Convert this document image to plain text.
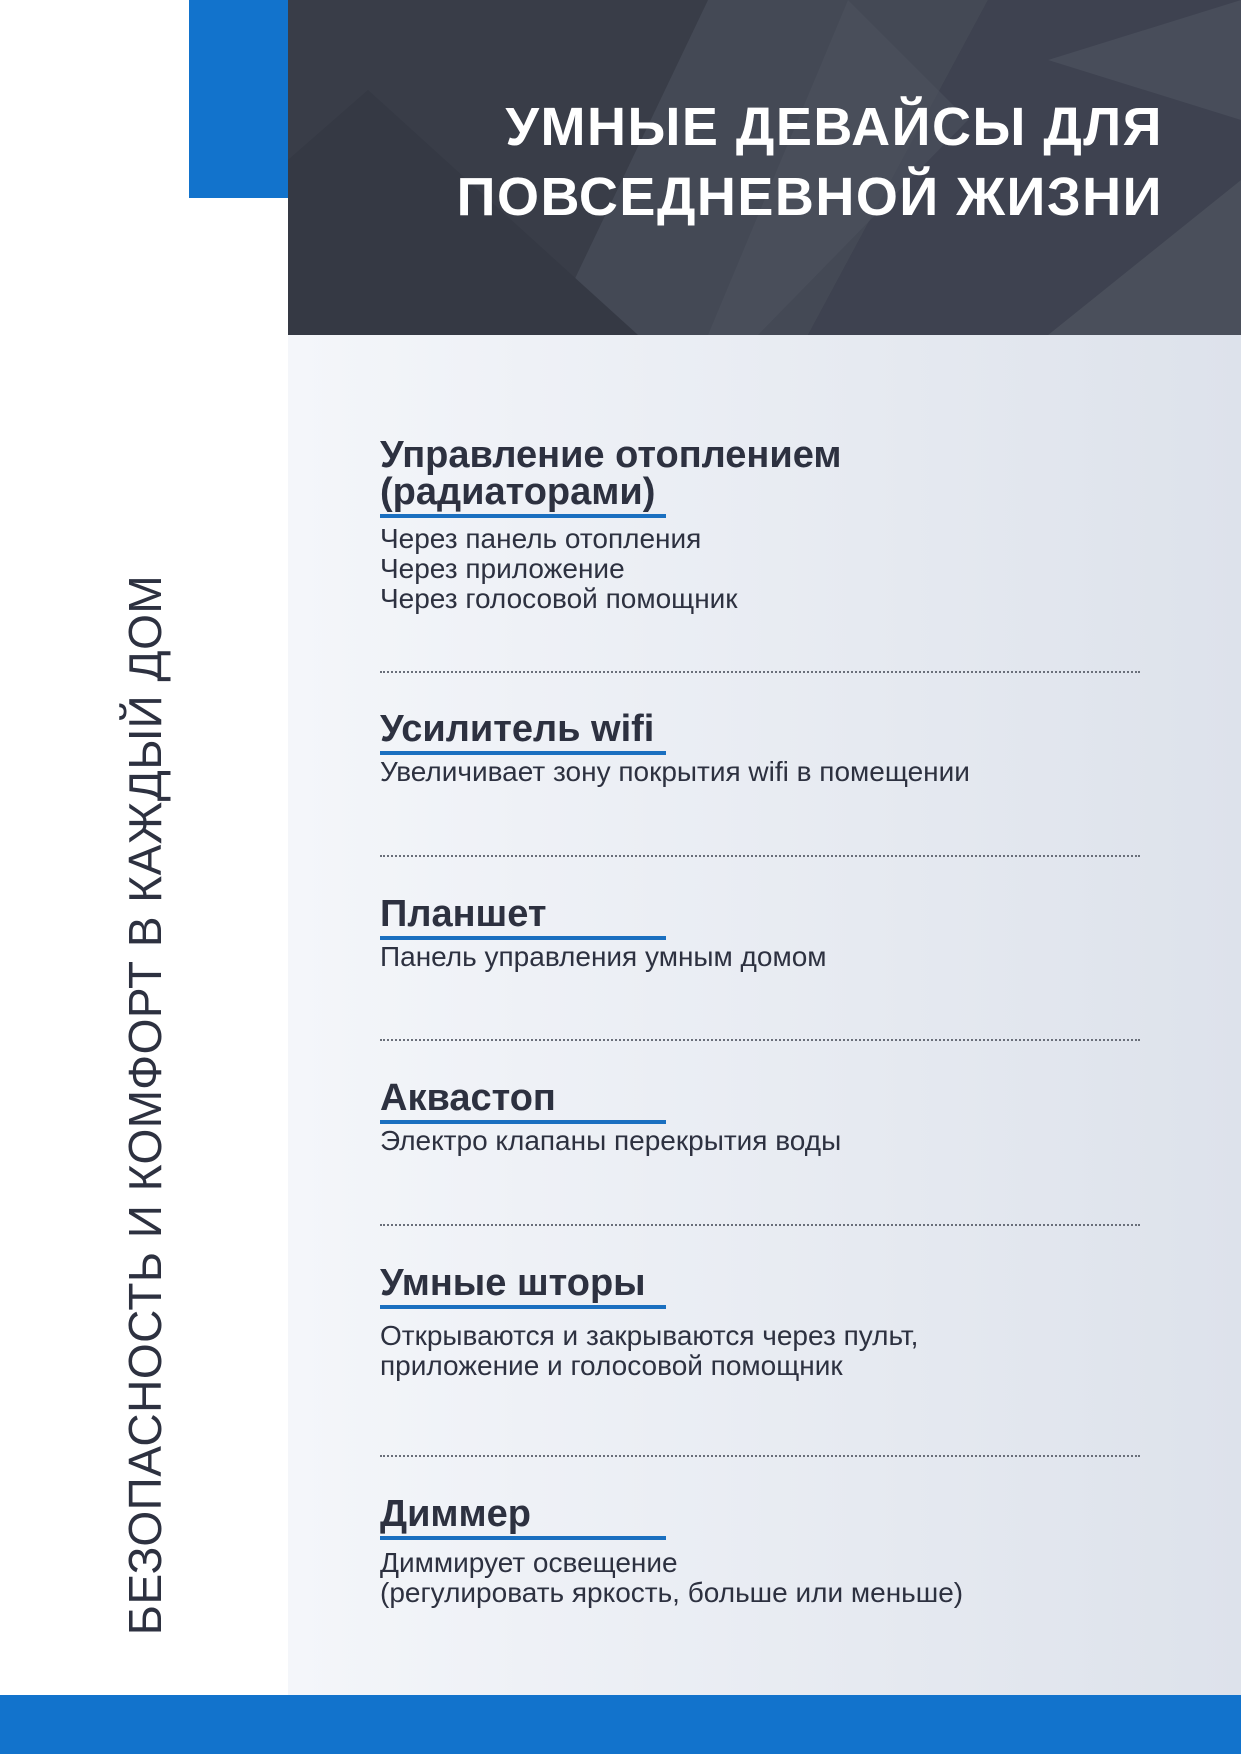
УМНЫЕ ДЕВАЙСЫ ДЛЯ
ПОВСЕДНЕВНОЙ ЖИЗНИ
БЕЗОПАСНОСТЬ И КОМФОРТ В КАЖДЫЙ ДОМ
Управление отоплением
(радиаторами)

Через панель отопления
Через приложение
Через голосовой помощник

Усилитель wifi

Увеличивает зону покрытия wifi в помещении

Планшет

Панель управления умным домом

Аквастоп

Электро клапаны перекрытия воды

Умные шторы

Открываются и закрываются через пульт,
приложение и голосовой помощник

Диммер

Диммирует освещение
(регулировать яркость, больше или меньше)
